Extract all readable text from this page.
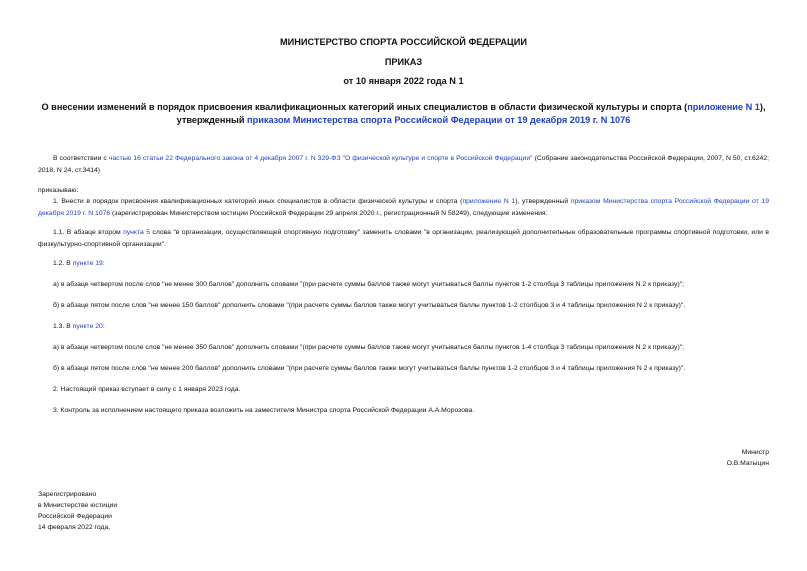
МИНИСТЕРСТВО СПОРТА РОССИЙСКОЙ ФЕДЕРАЦИИ
ПРИКАЗ
от 10 января 2022 года N 1
О внесении изменений в порядок присвоения квалификационных категорий иных специалистов в области физической культуры и спорта (приложение N 1),
утвержденный приказом Министерства спорта Российской Федерации от 19 декабря 2019 г. N 1076
В соответствии с частью 16 статьи 22 Федерального закона от 4 декабря 2007 г. N 329-ФЗ "О физической культуре и спорте в Российской Федерации" (Собрание законодательства Российской Федерации, 2007, N 50, ст.6242; 2018, N 24, ст.3414)
приказываю:
1. Внести в порядок присвоения квалификационных категорий иных специалистов в области физической культуры и спорта (приложение N 1), утвержденный приказом Министерства спорта Российской Федерации от 19 декабря 2019 г. N 1076 (зарегистрирован Министерством юстиции Российской Федерации 29 апреля 2020 г., регистрационный N 58249), следующие изменения:
1.1. В абзаце втором пункта 5 слова "в организации, осуществляющей спортивную подготовку" заменить словами "в организации, реализующей дополнительные образовательные программы спортивной подготовки, или в физкультурно-спортивной организации".
1.2. В пункте 19:
а) в абзаце четвертом после слов "не менее 300 баллов" дополнить словами "(при расчете суммы баллов также могут учитываться баллы пунктов 1-2 столбца 3 таблицы приложения N 2 к приказу)";
б) в абзаце пятом после слов "не менее 150 баллов" дополнить словами "(при расчете суммы баллов также могут учитываться баллы пунктов 1-2 столбцов 3 и 4 таблицы приложения N 2 к приказу)".
1.3. В пункте 20:
а) в абзаце четвертом после слов "не менее 350 баллов" дополнить словами "(при расчете суммы баллов также могут учитываться баллы пунктов 1-4 столбца 3 таблицы приложения N 2 к приказу)";
б) в абзаце пятом после слов "не менее 200 баллов" дополнить словами "(при расчете суммы баллов также могут учитываться баллы пунктов 1-2 столбцов 3 и 4 таблицы приложения N 2 к приказу)".
2. Настоящий приказ вступает в силу с 1 января 2023 года.
3. Контроль за исполнением настоящего приказа возложить на заместителя Министра спорта Российской Федерации А.А.Морозова.
Министр
О.В.Матыцин
Зарегистрировано
в Министерстве юстиции
Российской Федерации
14 февраля 2022 года,
